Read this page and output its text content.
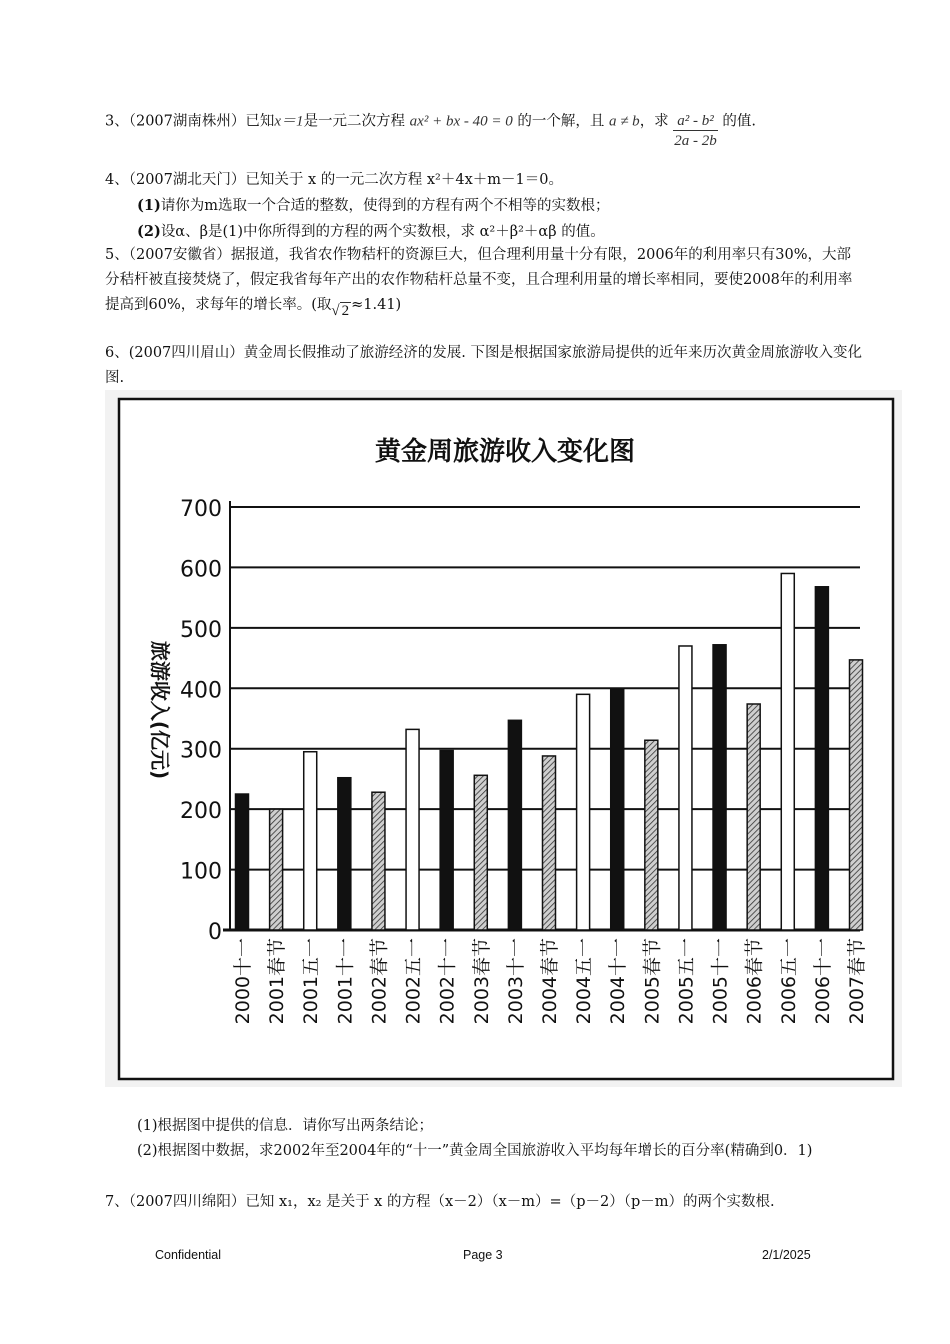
3、（2007湖南株州）已知x＝1是一元二次方程 ax² + bx - 40 = 0 的一个解，且 a ≠ b，求 $\frac{\text{a² - b²}}{2a - 2b}$ 的值.
4、（2007湖北天门）已知关于 x 的一元二次方程 x²＋4x＋m－1＝0。
(1)请你为m选取一个合适的整数，使得到的方程有两个不相等的实数根；
(2)设α、β是(1)中你所得到的方程的两个实数根，求 α²＋β²＋αβ 的值。
5、（2007安徽省）据报道，我省农作物秸杆的资源巨大，但合理利用量十分有限，2006年的利用率只有30%，大部分秸杆被直接焚烧了，假定我省每年产出的农作物秸杆总量不变，且合理利用量的增长率相同，要使2008年的利用率提高到60%，求每年的增长率。(取√ 2 ≈1.41)
6、(2007四川眉山）黄金周长假推动了旅游经济的发展. 下图是根据国家旅游局提供的近年来历次黄金周旅游收入变化图.
黄金周旅游收入变化图
旅游收入(亿元)
0
100
200
300
400
500
600
700
2000十一 2001春节 2001五一 2001十一 2002春节 2002五一 2002十一 2003春节 2003十一 2004春节 2004五一 2004十一 2005春节 2005五一 2005十一 2006春节 2006五一 2006十一 2007春节
(1)根据图中提供的信息．请你写出两条结论；
(2)根据图中数据，求2002年至2004年的“十一”黄金周全国旅游收入平均每年增长的百分率(精确到0．1)
7、（2007四川绵阳）已知 x₁，x₂ 是关于 x 的方程（x－2）（x－m）=（p－2）（p－m）的两个实数根.
Confidential	Page 3	2/1/2025
